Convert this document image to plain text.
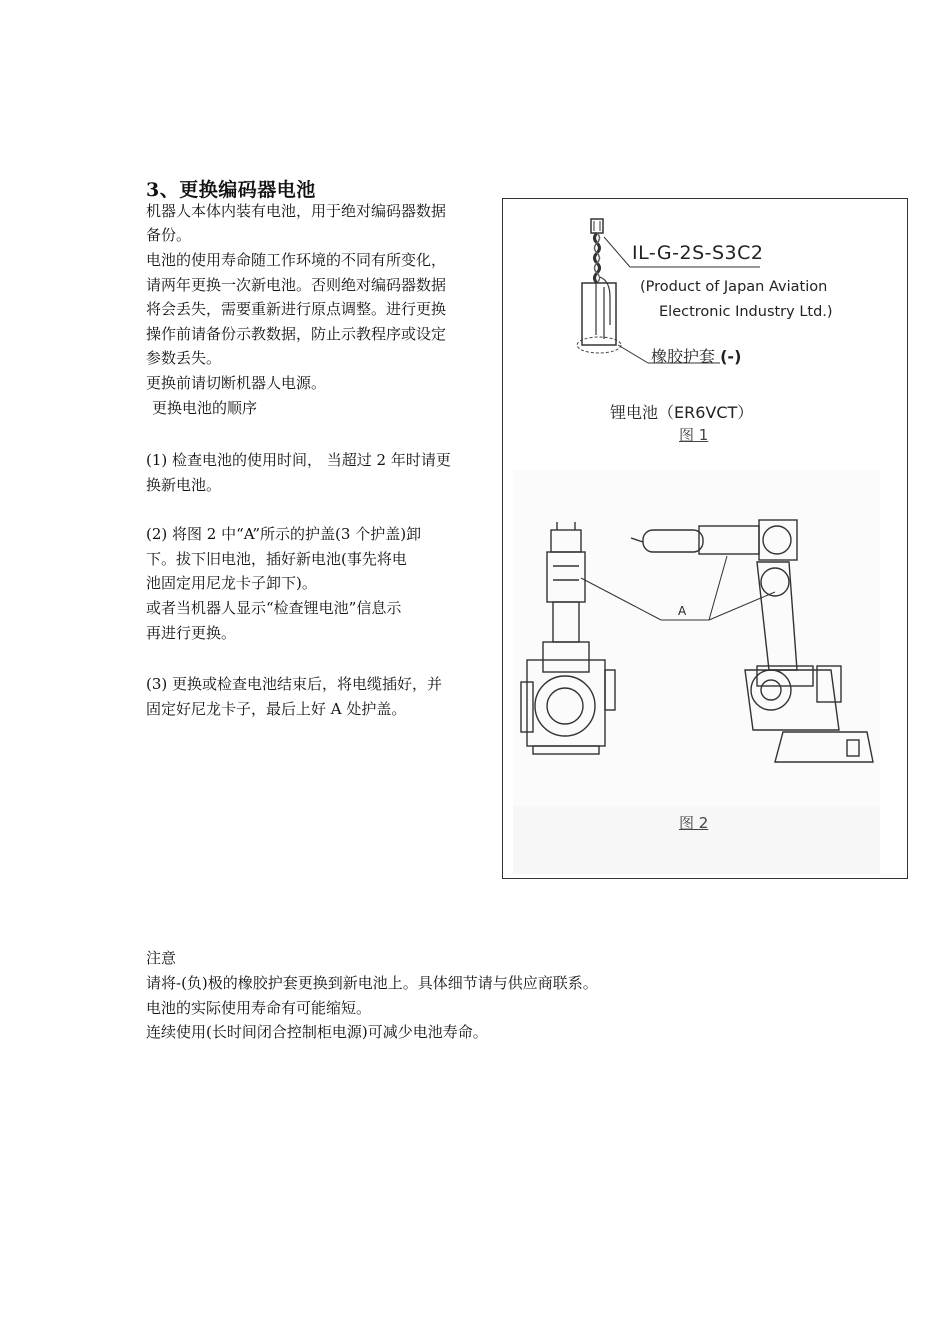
3、更换编码器电池
机器人本体内装有电池，用于绝对编码器数据
备份。
电池的使用寿命随工作环境的不同有所变化，
请两年更换一次新电池。否则绝对编码器数据
将会丢失，需要重新进行原点调整。进行更换
操作前请备份示教数据，防止示教程序或设定
参数丢失。
更换前请切断机器人电源。
更换电池的顺序
(1) 检查电池的使用时间， 当超过 2 年时请更
换新电池。
(2) 将图 2 中“A”所示的护盖(3 个护盖)卸
下。拔下旧电池，插好新电池(事先将电
池固定用尼龙卡子卸下)。
或者当机器人显示“检查锂电池”信息示
再进行更换。
(3) 更换或检查电池结束后，将电缆插好，并
固定好尼龙卡子，最后上好 A 处护盖。
IL-G-2S-S3C2
(Product of Japan Aviation
Electronic Industry Ltd.)
橡胶护套 (-)
锂电池（ER6VCT）
图 1
A
图 2
注意
请将-(负)极的橡胶护套更换到新电池上。具体细节请与供应商联系。
电池的实际使用寿命有可能缩短。
连续使用(长时间闭合控制柜电源)可减少电池寿命。
